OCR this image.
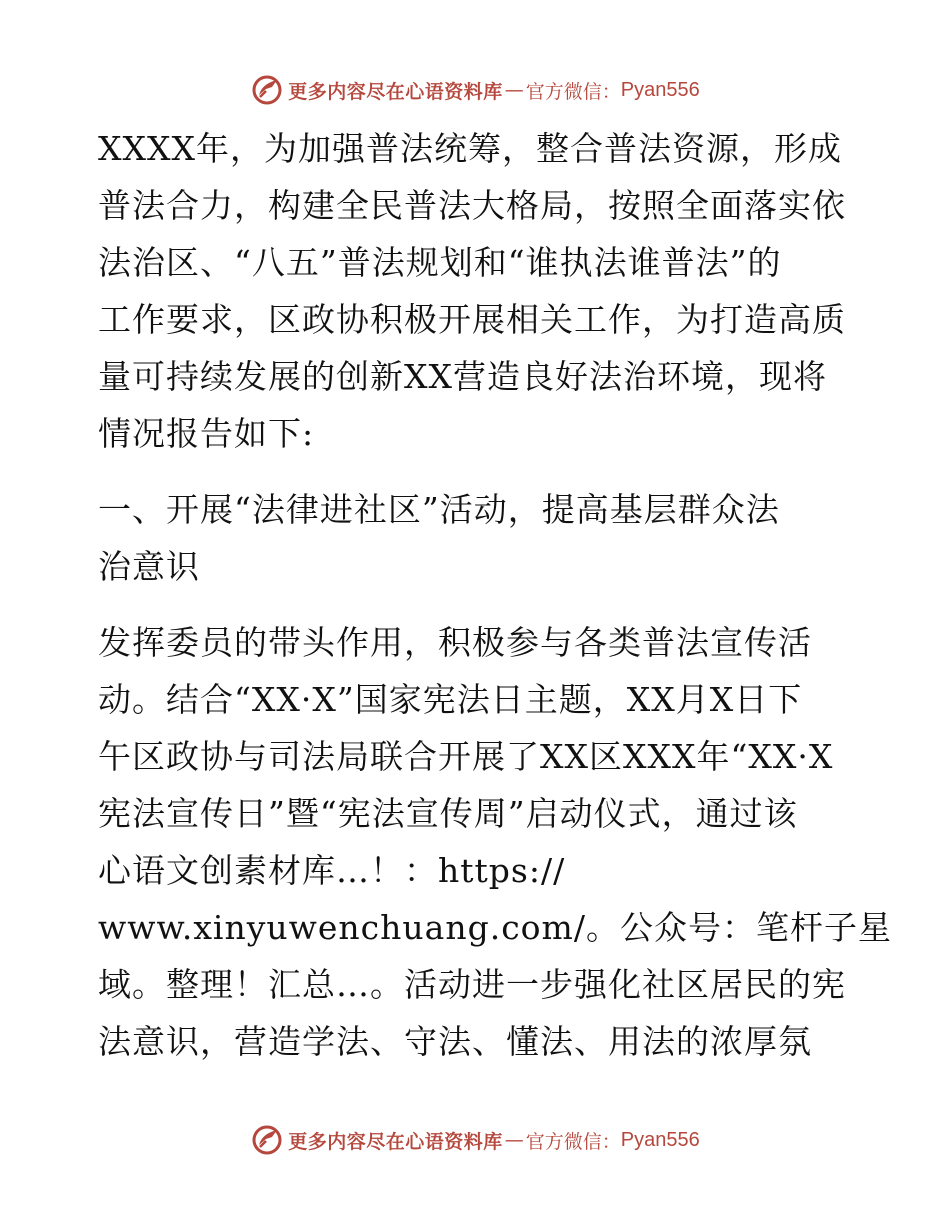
更多内容尽在心语资料库 — 官方微信： Pyan556
XXXX年，为加强普法统筹，整合普法资源，形成
普法合力，构建全民普法大格局，按照全面落实依
法治区、“八五”普法规划和“谁执法谁普法”的
工作要求，区政协积极开展相关工作，为打造高质
量可持续发展的创新XX营造良好法治环境，现将
情况报告如下:
一、开展“法律进社区”活动，提高基层群众法
治意识
发挥委员的带头作用，积极参与各类普法宣传活
动。结合“XX·X”国家宪法日主题，XX月X日下
午区政协与司法局联合开展了XX区XXX年“XX·X
宪法宣传日”暨“宪法宣传周”启动仪式，通过该
心语文创素材库…！：https://
www.xinyuwenchuang.com/。公众号：笔杆子星
域。整理！汇总…。活动进一步强化社区居民的宪
法意识，营造学法、守法、懂法、用法的浓厚氛
更多内容尽在心语资料库 — 官方微信： Pyan556
